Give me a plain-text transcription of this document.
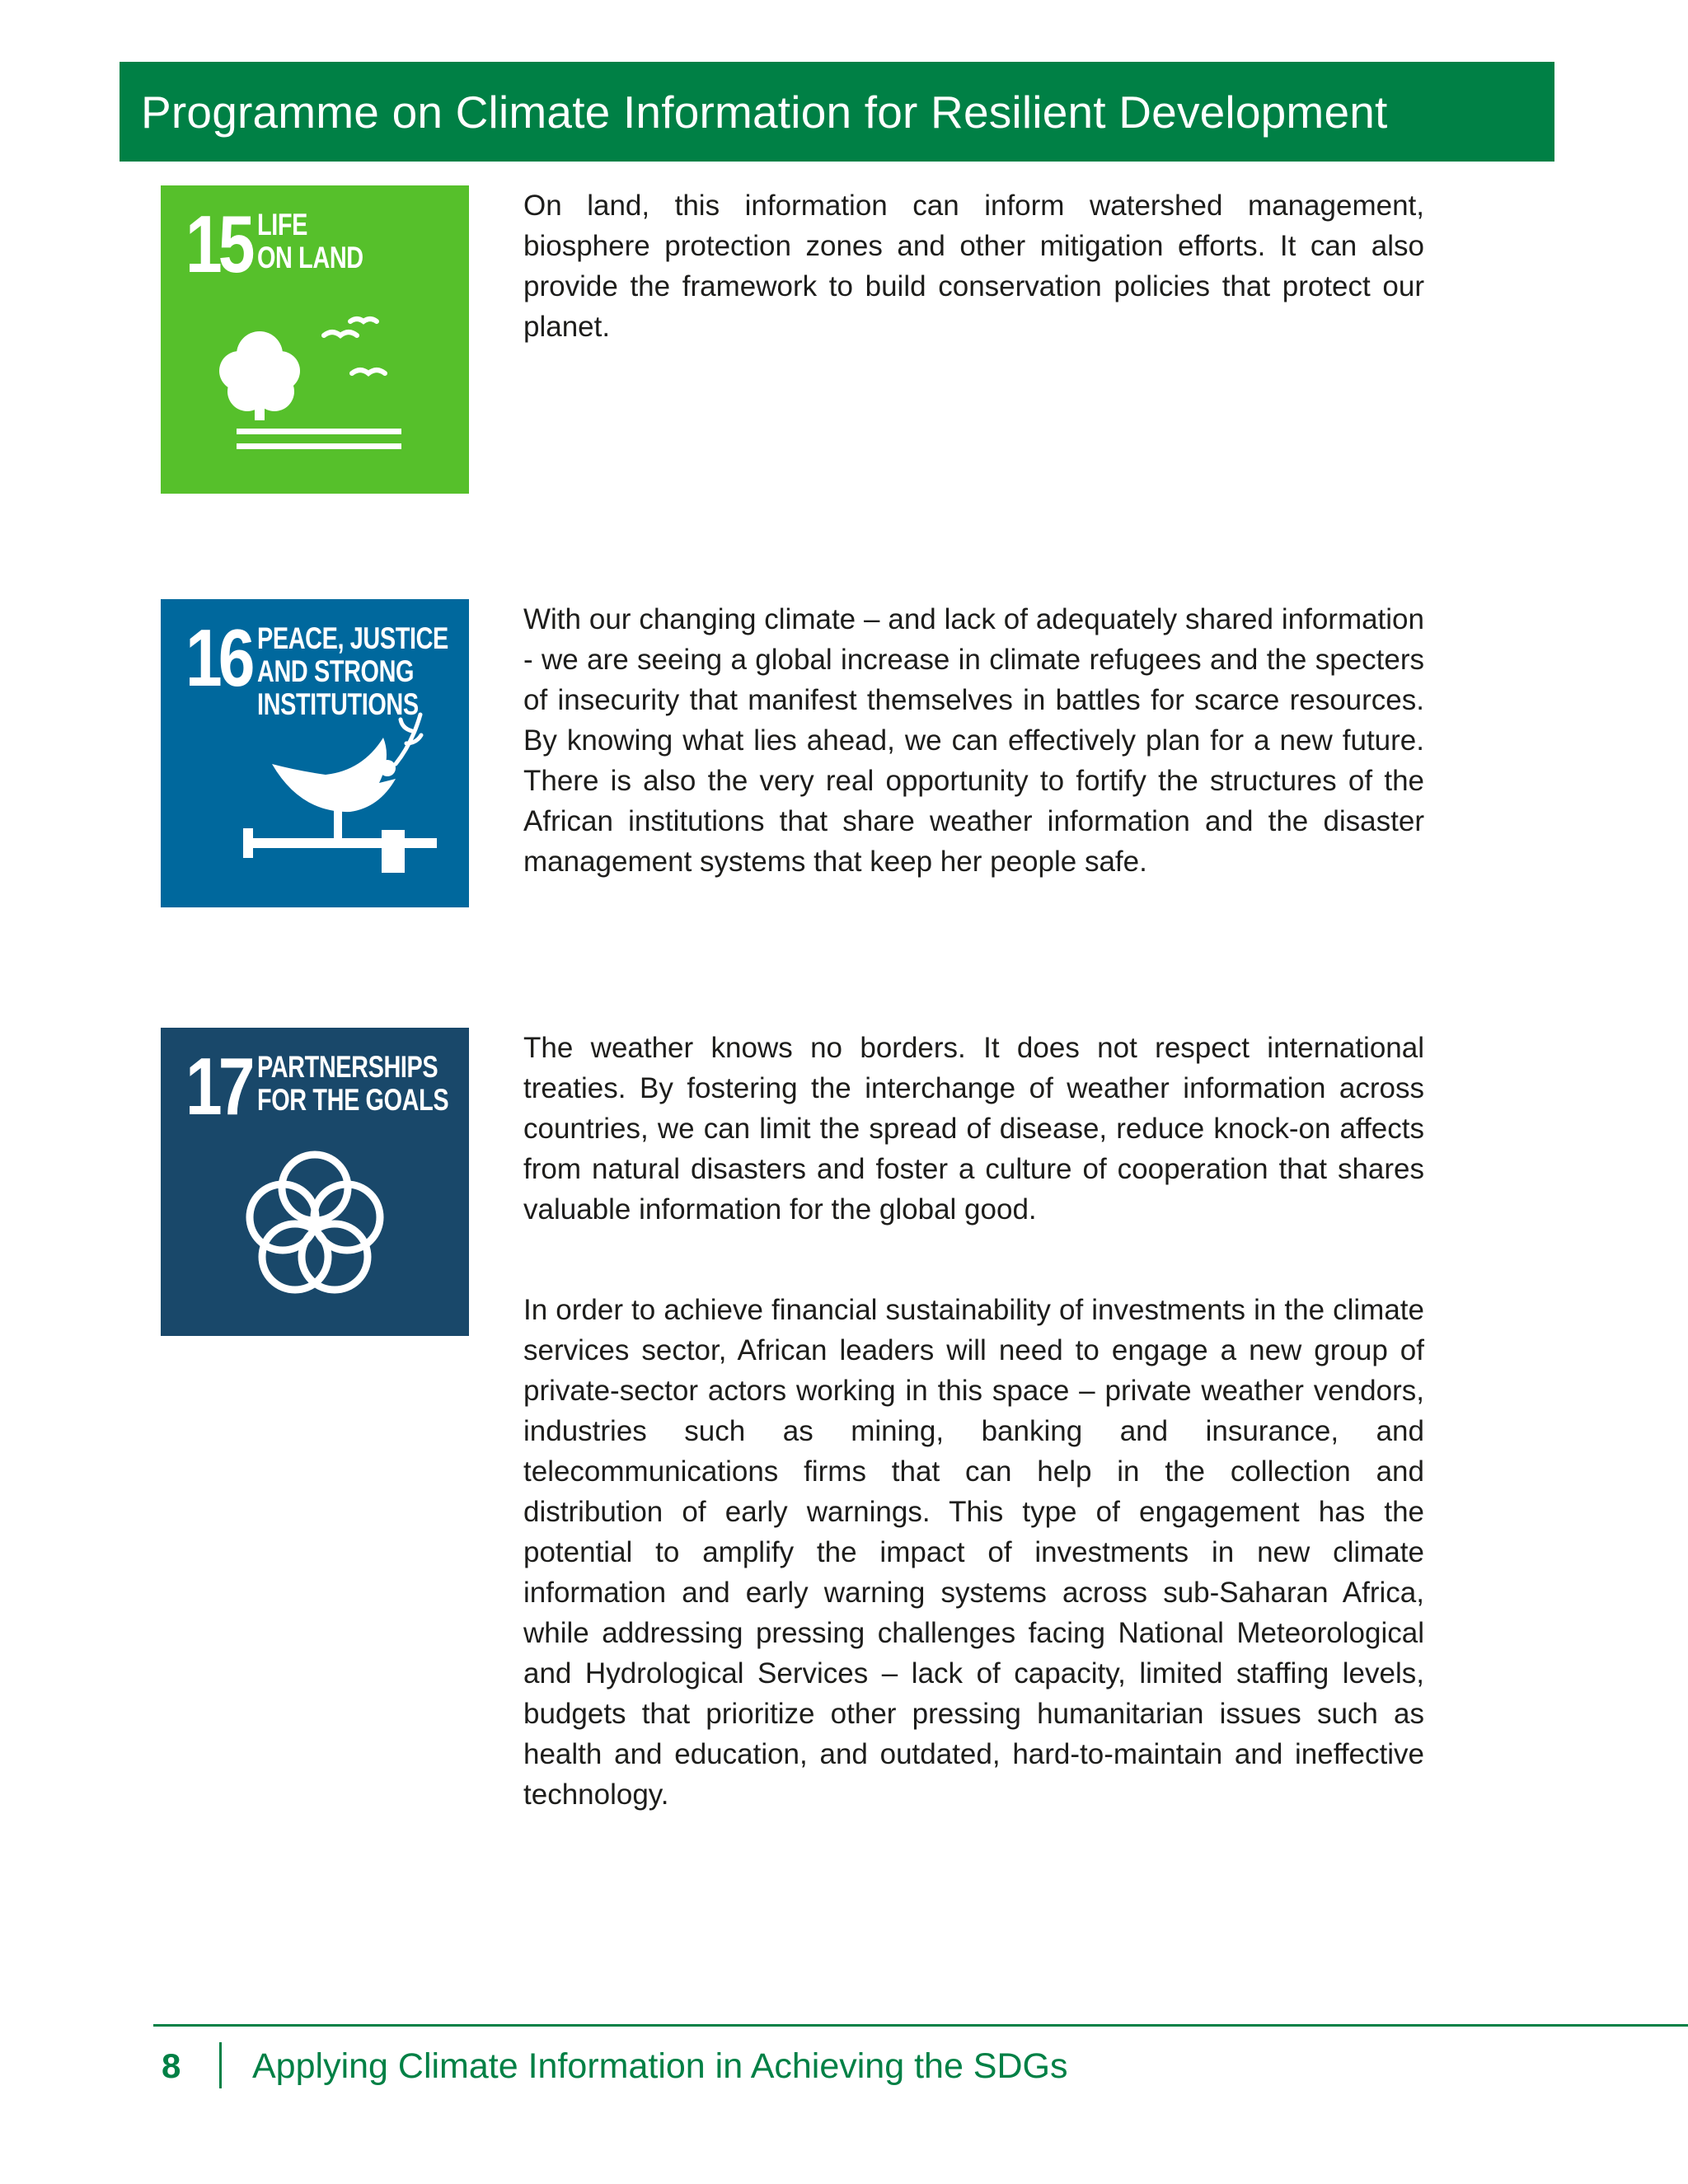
Programme on Climate Information for Resilient Development
15 LIFE
ON LAND
16 PEACE, JUSTICE
AND STRONG
INSTITUTIONS
17 PARTNERSHIPS
FOR THE GOALS

On land, this information can inform watershed management, biosphere protection zones and other mitigation efforts. It can also provide the framework to build conservation policies that protect our planet.

With our changing climate – and lack of adequately shared information - we are seeing a global increase in climate refugees and the specters of insecurity that manifest themselves in battles for scarce resources. By knowing what lies ahead, we can effectively plan for a new future. There is also the very real opportunity to fortify the structures of the African institutions that share weather information and the disaster management systems that keep her people safe.

The weather knows no borders. It does not respect international treaties. By fostering the interchange of weather information across countries, we can limit the spread of disease, reduce knock-on affects from natural disasters and foster a culture of cooperation that shares valuable information for the global good.

In order to achieve financial sustainability of investments in the climate services sector, African leaders will need to engage a new group of private-sector actors working in this space – private weather vendors, industries such as mining, banking and insurance, and telecommunications firms that can help in the collection and distribution of early warnings. This type of engagement has the potential to amplify the impact of investments in new climate information and early warning systems across sub-Saharan Africa, while addressing pressing challenges facing National Meteorological and Hydrological Services – lack of capacity, limited staffing levels, budgets that prioritize other pressing humanitarian issues such as health and education, and outdated, hard-to-maintain and ineffective technology.

8 Applying Climate Information in Achieving the SDGs
